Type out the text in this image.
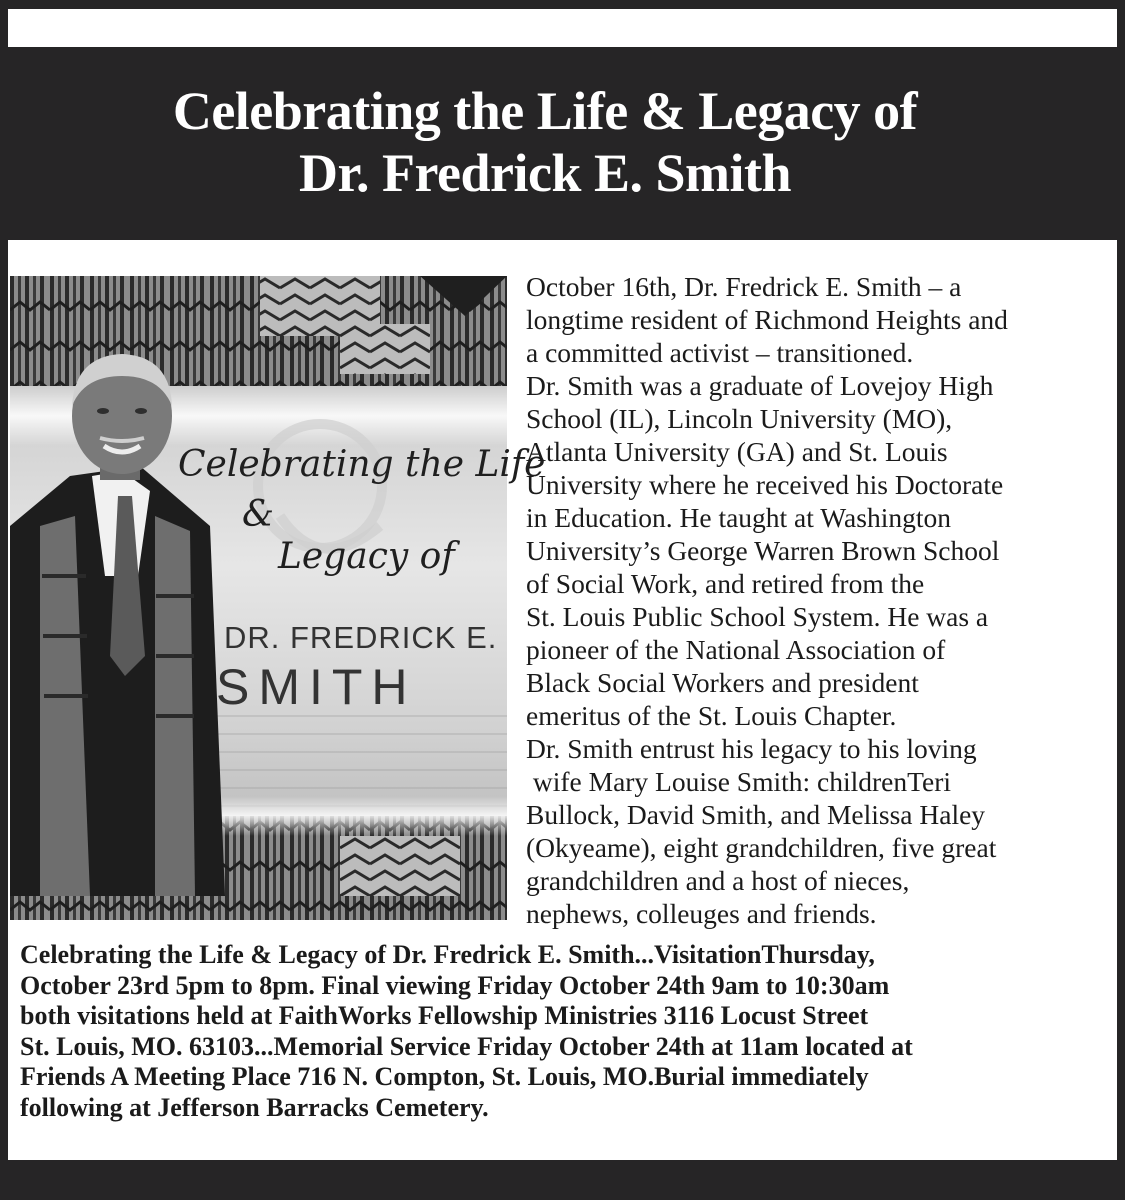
Celebrating the Life & Legacy of
Dr. Fredrick E. Smith
Celebrating the Life
&
Legacy of
DR. FREDRICK E.
SMITH

October 16th, Dr. Fredrick E. Smith – a

longtime resident of Richmond Heights and

a committed activist – transitioned.

Dr. Smith was a graduate of Lovejoy High

School (IL), Lincoln University (MO),

Atlanta University (GA) and St. Louis

University where he received his Doctorate

in Education. He taught at Washington

University’s George Warren Brown School

of Social Work, and retired from the

St. Louis Public School System. He was a

pioneer of the National Association of

Black Social Workers and president

emeritus of the St. Louis Chapter.

Dr. Smith entrust his legacy to his loving

wife Mary Louise Smith: childrenTeri

Bullock, David Smith, and Melissa Haley

(Okyeame), eight grandchildren, five great

grandchildren and a host of nieces,

nephews, colleuges and friends.

Celebrating the Life & Legacy of Dr. Fredrick E. Smith...VisitationThursday,
October 23rd 5pm to 8pm. Final viewing Friday October 24th 9am to 10:30am
both visitations held at FaithWorks Fellowship Ministries 3116 Locust Street
St. Louis, MO. 63103...Memorial Service Friday October 24th at 11am located at
Friends A Meeting Place 716 N. Compton, St. Louis, MO.Burial immediately
following at Jefferson Barracks Cemetery.
